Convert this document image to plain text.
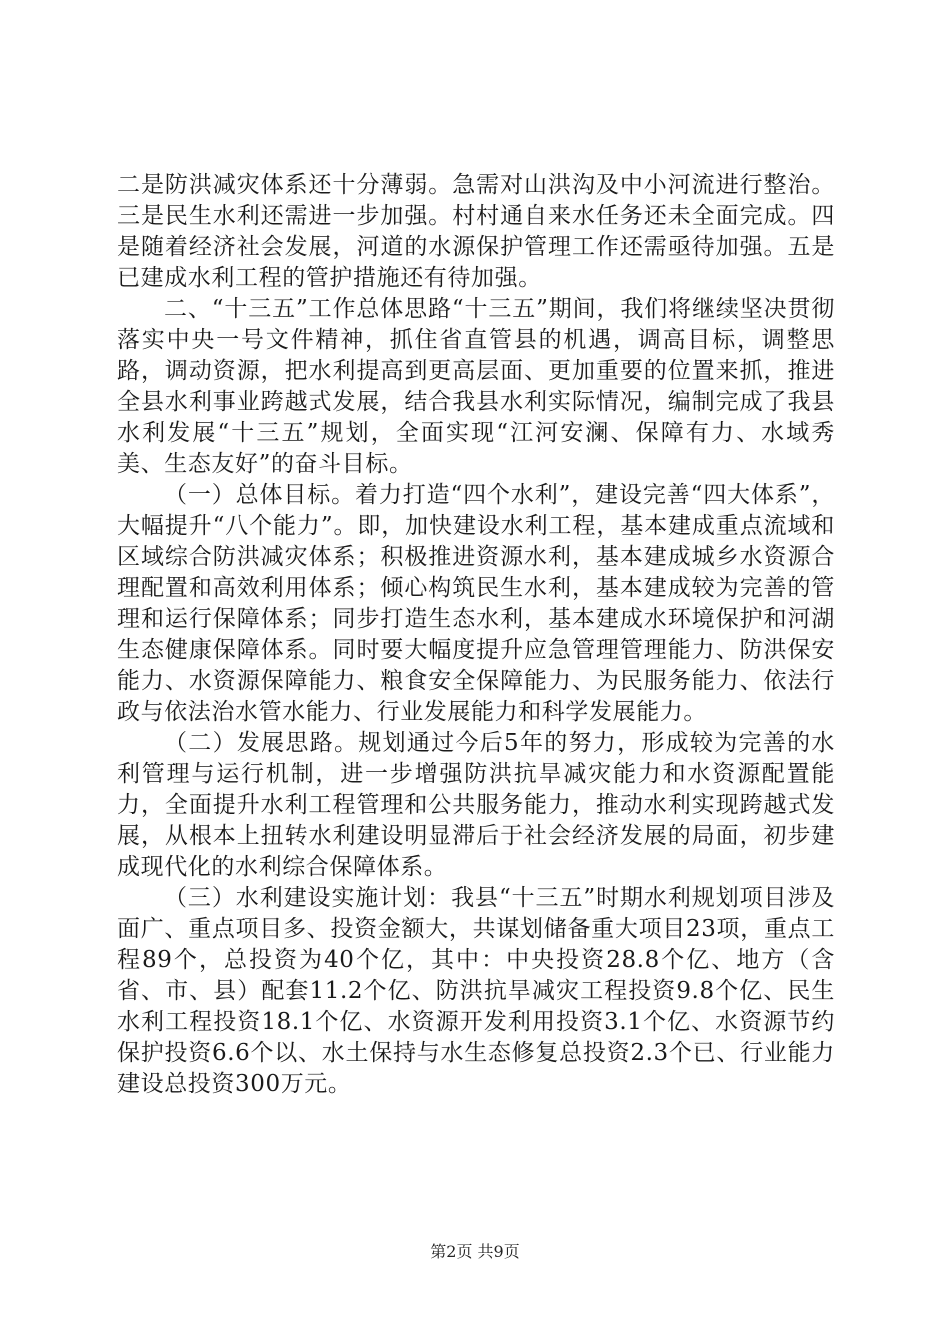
二是防洪减灾体系还十分薄弱。急需对山洪沟及中小河流进行整治。三是民生水利还需进一步加强。村村通自来水任务还未全面完成。四是随着经济社会发展，河道的水源保护管理工作还需亟待加强。五是已建成水利工程的管护措施还有待加强。

二、“十三五”工作总体思路“十三五”期间，我们将继续坚决贯彻落实中央一号文件精神，抓住省直管县的机遇，调高目标，调整思路，调动资源，把水利提高到更高层面、更加重要的位置来抓，推进全县水利事业跨越式发展，结合我县水利实际情况，编制完成了我县水利发展“十三五”规划，全面实现“江河安澜、保障有力、水域秀美、生态友好”的奋斗目标。

（一）总体目标。着力打造“四个水利”，建设完善“四大体系”，大幅提升“八个能力”。即，加快建设水利工程，基本建成重点流域和区域综合防洪减灾体系；积极推进资源水利，基本建成城乡水资源合理配置和高效利用体系；倾心构筑民生水利，基本建成较为完善的管理和运行保障体系；同步打造生态水利，基本建成水环境保护和河湖生态健康保障体系。同时要大幅度提升应急管理管理能力、防洪保安能力、水资源保障能力、粮食安全保障能力、为民服务能力、依法行政与依法治水管水能力、行业发展能力和科学发展能力。

（二）发展思路。规划通过今后5年的努力，形成较为完善的水利管理与运行机制，进一步增强防洪抗旱减灾能力和水资源配置能力，全面提升水利工程管理和公共服务能力，推动水利实现跨越式发展，从根本上扭转水利建设明显滞后于社会经济发展的局面，初步建成现代化的水利综合保障体系。

（三）水利建设实施计划：我县“十三五”时期水利规划项目涉及面广、重点项目多、投资金额大，共谋划储备重大项目23项，重点工程89个，总投资为40个亿，其中：中央投资28.8个亿、地方（含省、市、县）配套11.2个亿、防洪抗旱减灾工程投资9.8个亿、民生水利工程投资18.1个亿、水资源开发利用投资3.1个亿、水资源节约保护投资6.6个以、水土保持与水生态修复总投资2.3个已、行业能力建设总投资300万元。

第2页 共9页
